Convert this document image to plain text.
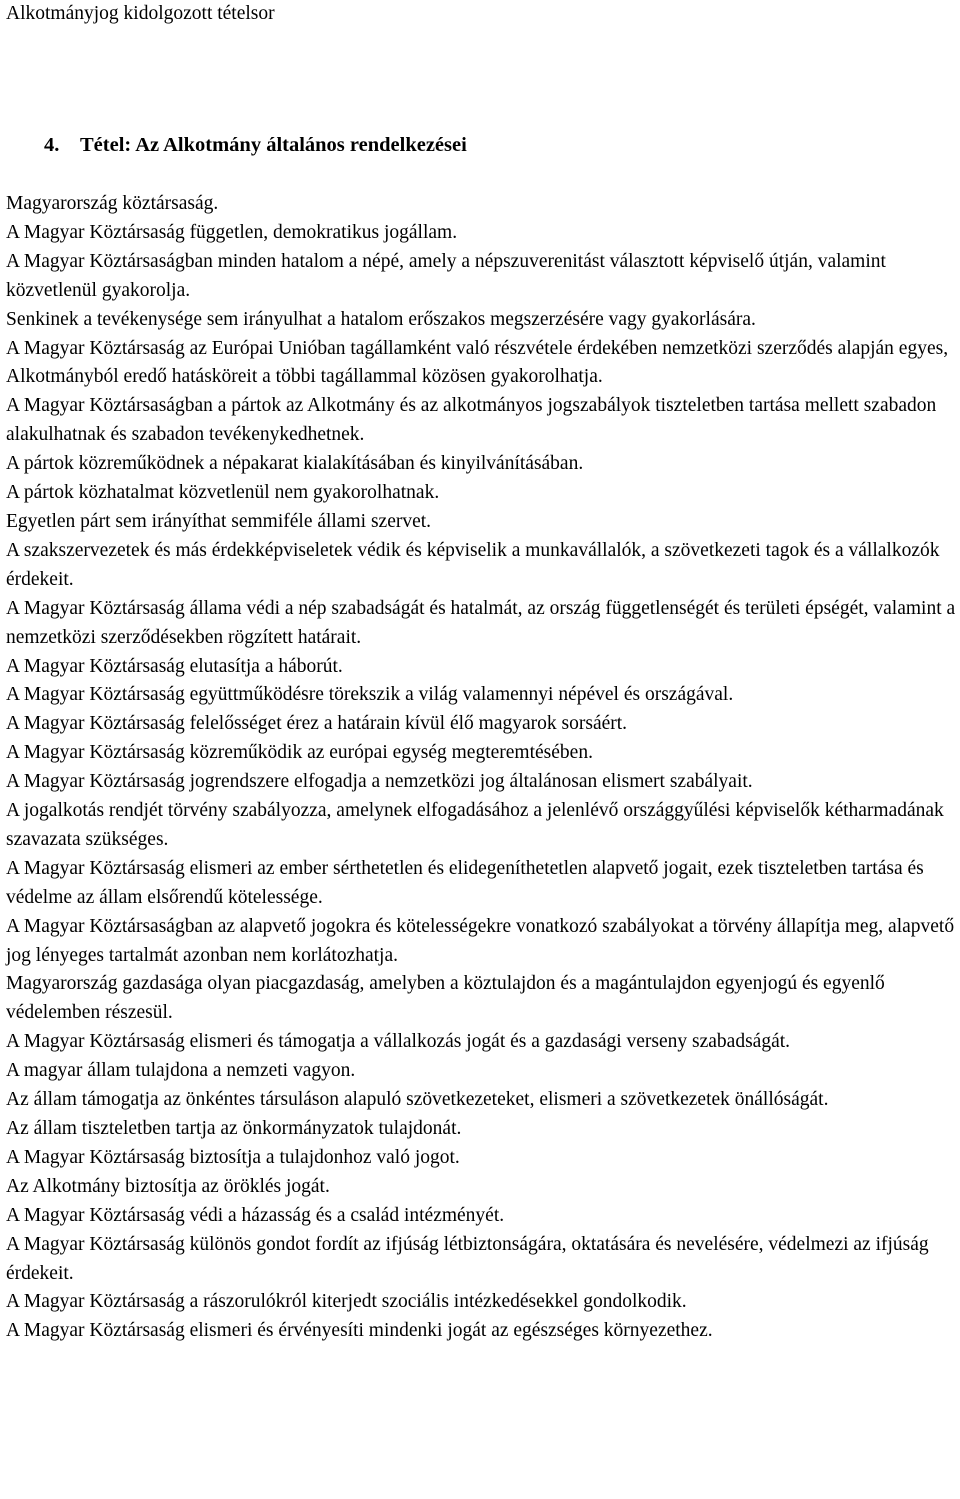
Alkotmányjog kidolgozott tételsor
4. Tétel: Az Alkotmány általános rendelkezései

Magyarország köztársaság.

A Magyar Köztársaság független, demokratikus jogállam.

A Magyar Köztársaságban minden hatalom a népé, amely a népszuverenitást választott képviselő útján, valamint közvetlenül gyakorolja.

Senkinek a tevékenysége sem irányulhat a hatalom erőszakos megszerzésére vagy gyakorlására.

A Magyar Köztársaság az Európai Unióban tagállamként való részvétele érdekében nemzetközi szerződés alapján egyes, Alkotmányból eredő hatásköreit a többi tagállammal közösen gyakorolhatja.

A Magyar Köztársaságban a pártok az Alkotmány és az alkotmányos jogszabályok tiszteletben tartása mellett szabadon alakulhatnak és szabadon tevékenykedhetnek.

A pártok közreműködnek a népakarat kialakításában és kinyilvánításában.

A pártok közhatalmat közvetlenül nem gyakorolhatnak.

Egyetlen párt sem irányíthat semmiféle állami szervet.

A szakszervezetek és más érdekképviseletek védik és képviselik a munkavállalók, a szövetkezeti tagok és a vállalkozók érdekeit.

A Magyar Köztársaság állama védi a nép szabadságát és hatalmát, az ország függetlenségét és területi épségét, valamint a nemzetközi szerződésekben rögzített határait.

A Magyar Köztársaság elutasítja a háborút.

A Magyar Köztársaság együttműködésre törekszik a világ valamennyi népével és országával.

A Magyar Köztársaság felelősséget érez a határain kívül élő magyarok sorsáért.

A Magyar Köztársaság közreműködik az európai egység megteremtésében.

A Magyar Köztársaság jogrendszere elfogadja a nemzetközi jog általánosan elismert szabályait.

A jogalkotás rendjét törvény szabályozza, amelynek elfogadásához a jelenlévő országgyűlési képviselők kétharmadának szavazata szükséges.

A Magyar Köztársaság elismeri az ember sérthetetlen és elidegeníthetetlen alapvető jogait, ezek tiszteletben tartása és védelme az állam elsőrendű kötelessége.

A Magyar Köztársaságban az alapvető jogokra és kötelességekre vonatkozó szabályokat a törvény állapítja meg, alapvető jog lényeges tartalmát azonban nem korlátozhatja.

Magyarország gazdasága olyan piacgazdaság, amelyben a köztulajdon és a magántulajdon egyenjogú és egyenlő védelemben részesül.

A Magyar Köztársaság elismeri és támogatja a vállalkozás jogát és a gazdasági verseny szabadságát.

A magyar állam tulajdona a nemzeti vagyon.

Az állam támogatja az önkéntes társuláson alapuló szövetkezeteket, elismeri a szövetkezetek önállóságát.

Az állam tiszteletben tartja az önkormányzatok tulajdonát.

A Magyar Köztársaság biztosítja a tulajdonhoz való jogot.

Az Alkotmány biztosítja az öröklés jogát.

A Magyar Köztársaság védi a házasság és a család intézményét.

A Magyar Köztársaság különös gondot fordít az ifjúság létbiztonságára, oktatására és nevelésére, védelmezi az ifjúság érdekeit.

A Magyar Köztársaság a rászorulókról kiterjedt szociális intézkedésekkel gondolkodik.

A Magyar Köztársaság elismeri és érvényesíti mindenki jogát az egészséges környezethez.
